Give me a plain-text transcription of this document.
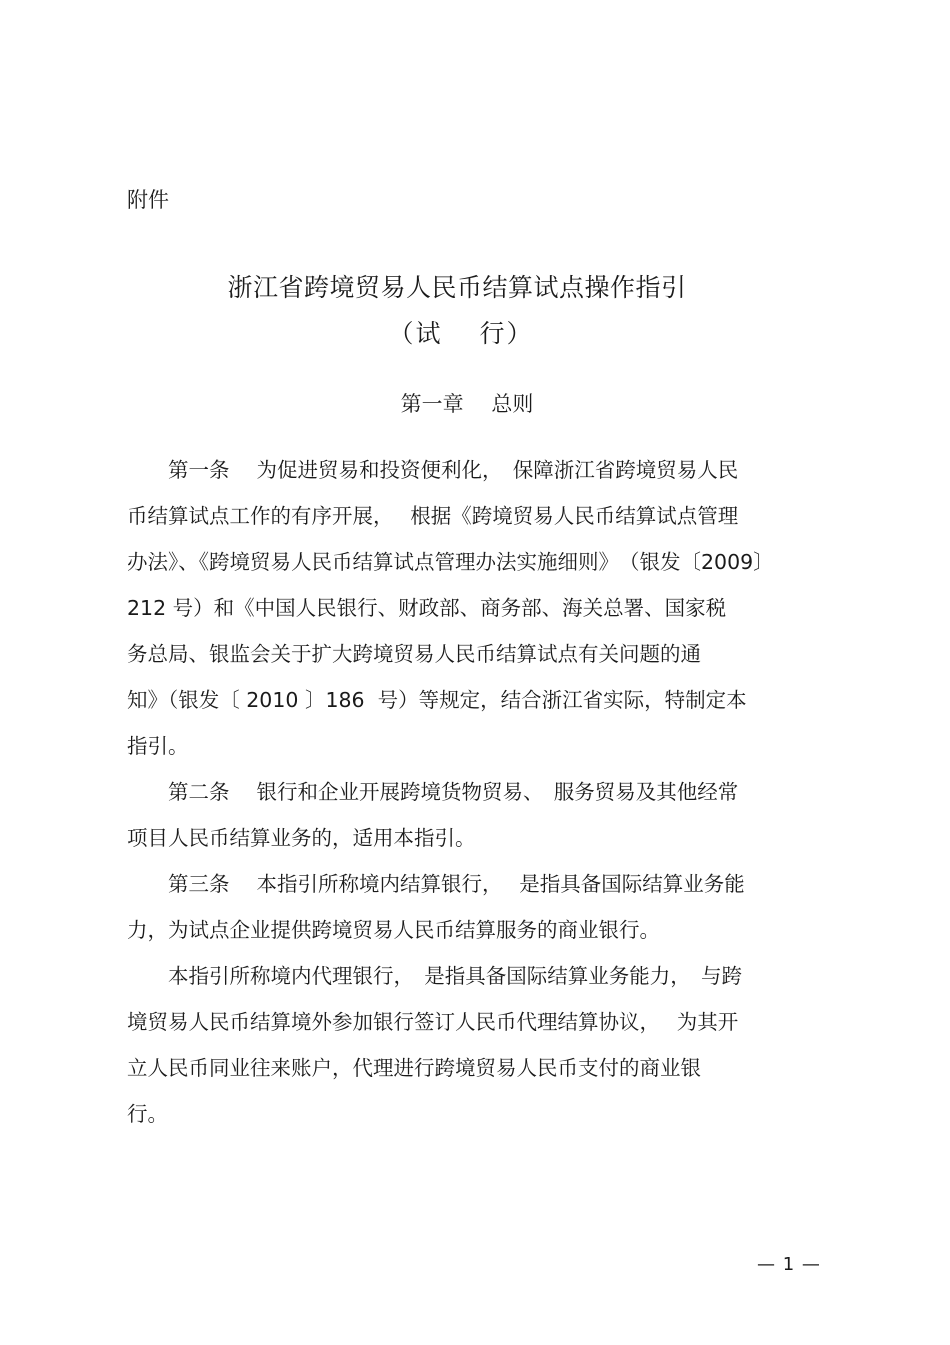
附件
浙江省跨境贸易人民币结算试点操作指引
（试　 行）
第一章　 总则
　　第一条　 为促进贸易和投资便利化，　保障浙江省跨境贸易人民
币结算试点工作的有序开展，　 根据《跨境贸易人民币结算试点管理
办法》、《跨境贸易人民币结算试点管理办法实施细则》　（银发〔2009〕
212 号）和《中国人民银行、财政部、商务部、海关总署、国家税
务总局、银监会关于扩大跨境贸易人民币结算试点有关问题的通
知》（银发〔 2010 〕186  号）等规定，结合浙江省实际，特制定本
指引。
　　第二条　 银行和企业开展跨境货物贸易、　服务贸易及其他经常
项目人民币结算业务的，适用本指引。
　　第三条　 本指引所称境内结算银行，　 是指具备国际结算业务能
力，为试点企业提供跨境贸易人民币结算服务的商业银行。
　　本指引所称境内代理银行，　是指具备国际结算业务能力，　与跨
境贸易人民币结算境外参加银行签订人民币代理结算协议，　 为其开
立人民币同业往来账户，代理进行跨境贸易人民币支付的商业银
行。
— 1 —
